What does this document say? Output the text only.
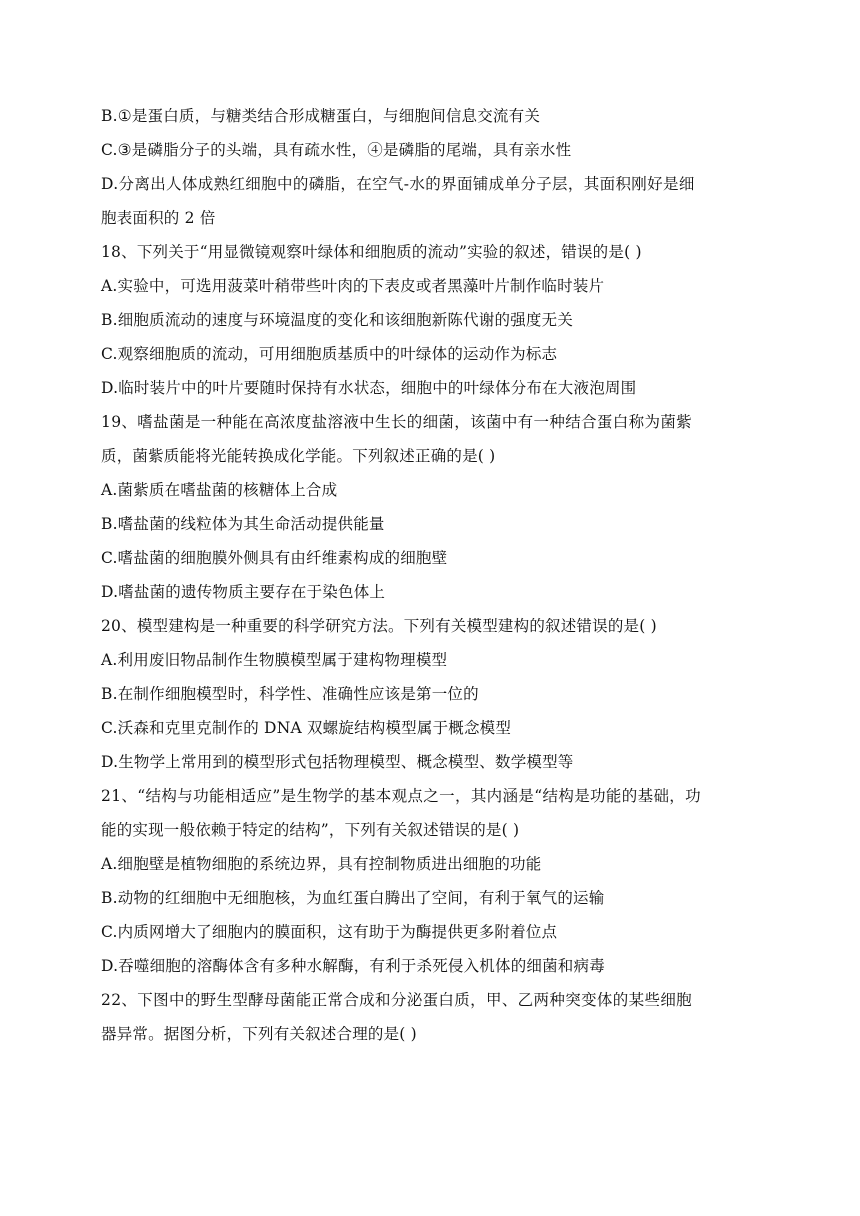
B.①是蛋白质，与糖类结合形成糖蛋白，与细胞间信息交流有关
C.③是磷脂分子的头端，具有疏水性，④是磷脂的尾端，具有亲水性
D.分离出人体成熟红细胞中的磷脂，在空气-水的界面铺成单分子层，其面积刚好是细
胞表面积的 2 倍
18、下列关于“用显微镜观察叶绿体和细胞质的流动”实验的叙述，错误的是( )
A.实验中，可选用菠菜叶稍带些叶肉的下表皮或者黑藻叶片制作临时装片
B.细胞质流动的速度与环境温度的变化和该细胞新陈代谢的强度无关
C.观察细胞质的流动，可用细胞质基质中的叶绿体的运动作为标志
D.临时装片中的叶片要随时保持有水状态，细胞中的叶绿体分布在大液泡周围
19、嗜盐菌是一种能在高浓度盐溶液中生长的细菌，该菌中有一种结合蛋白称为菌紫
质，菌紫质能将光能转换成化学能。下列叙述正确的是( )
A.菌紫质在嗜盐菌的核糖体上合成
B.嗜盐菌的线粒体为其生命活动提供能量
C.嗜盐菌的细胞膜外侧具有由纤维素构成的细胞壁
D.嗜盐菌的遗传物质主要存在于染色体上
20、模型建构是一种重要的科学研究方法。下列有关模型建构的叙述错误的是( )
A.利用废旧物品制作生物膜模型属于建构物理模型
B.在制作细胞模型时，科学性、准确性应该是第一位的
C.沃森和克里克制作的 DNA 双螺旋结构模型属于概念模型
D.生物学上常用到的模型形式包括物理模型、概念模型、数学模型等
21、“结构与功能相适应”是生物学的基本观点之一，其内涵是“结构是功能的基础，功
能的实现一般依赖于特定的结构”，下列有关叙述错误的是( )
A.细胞壁是植物细胞的系统边界，具有控制物质进出细胞的功能
B.动物的红细胞中无细胞核，为血红蛋白腾出了空间，有利于氧气的运输
C.内质网增大了细胞内的膜面积，这有助于为酶提供更多附着位点
D.吞噬细胞的溶酶体含有多种水解酶，有利于杀死侵入机体的细菌和病毒
22、下图中的野生型酵母菌能正常合成和分泌蛋白质，甲、乙两种突变体的某些细胞
器异常。据图分析，下列有关叙述合理的是( )
